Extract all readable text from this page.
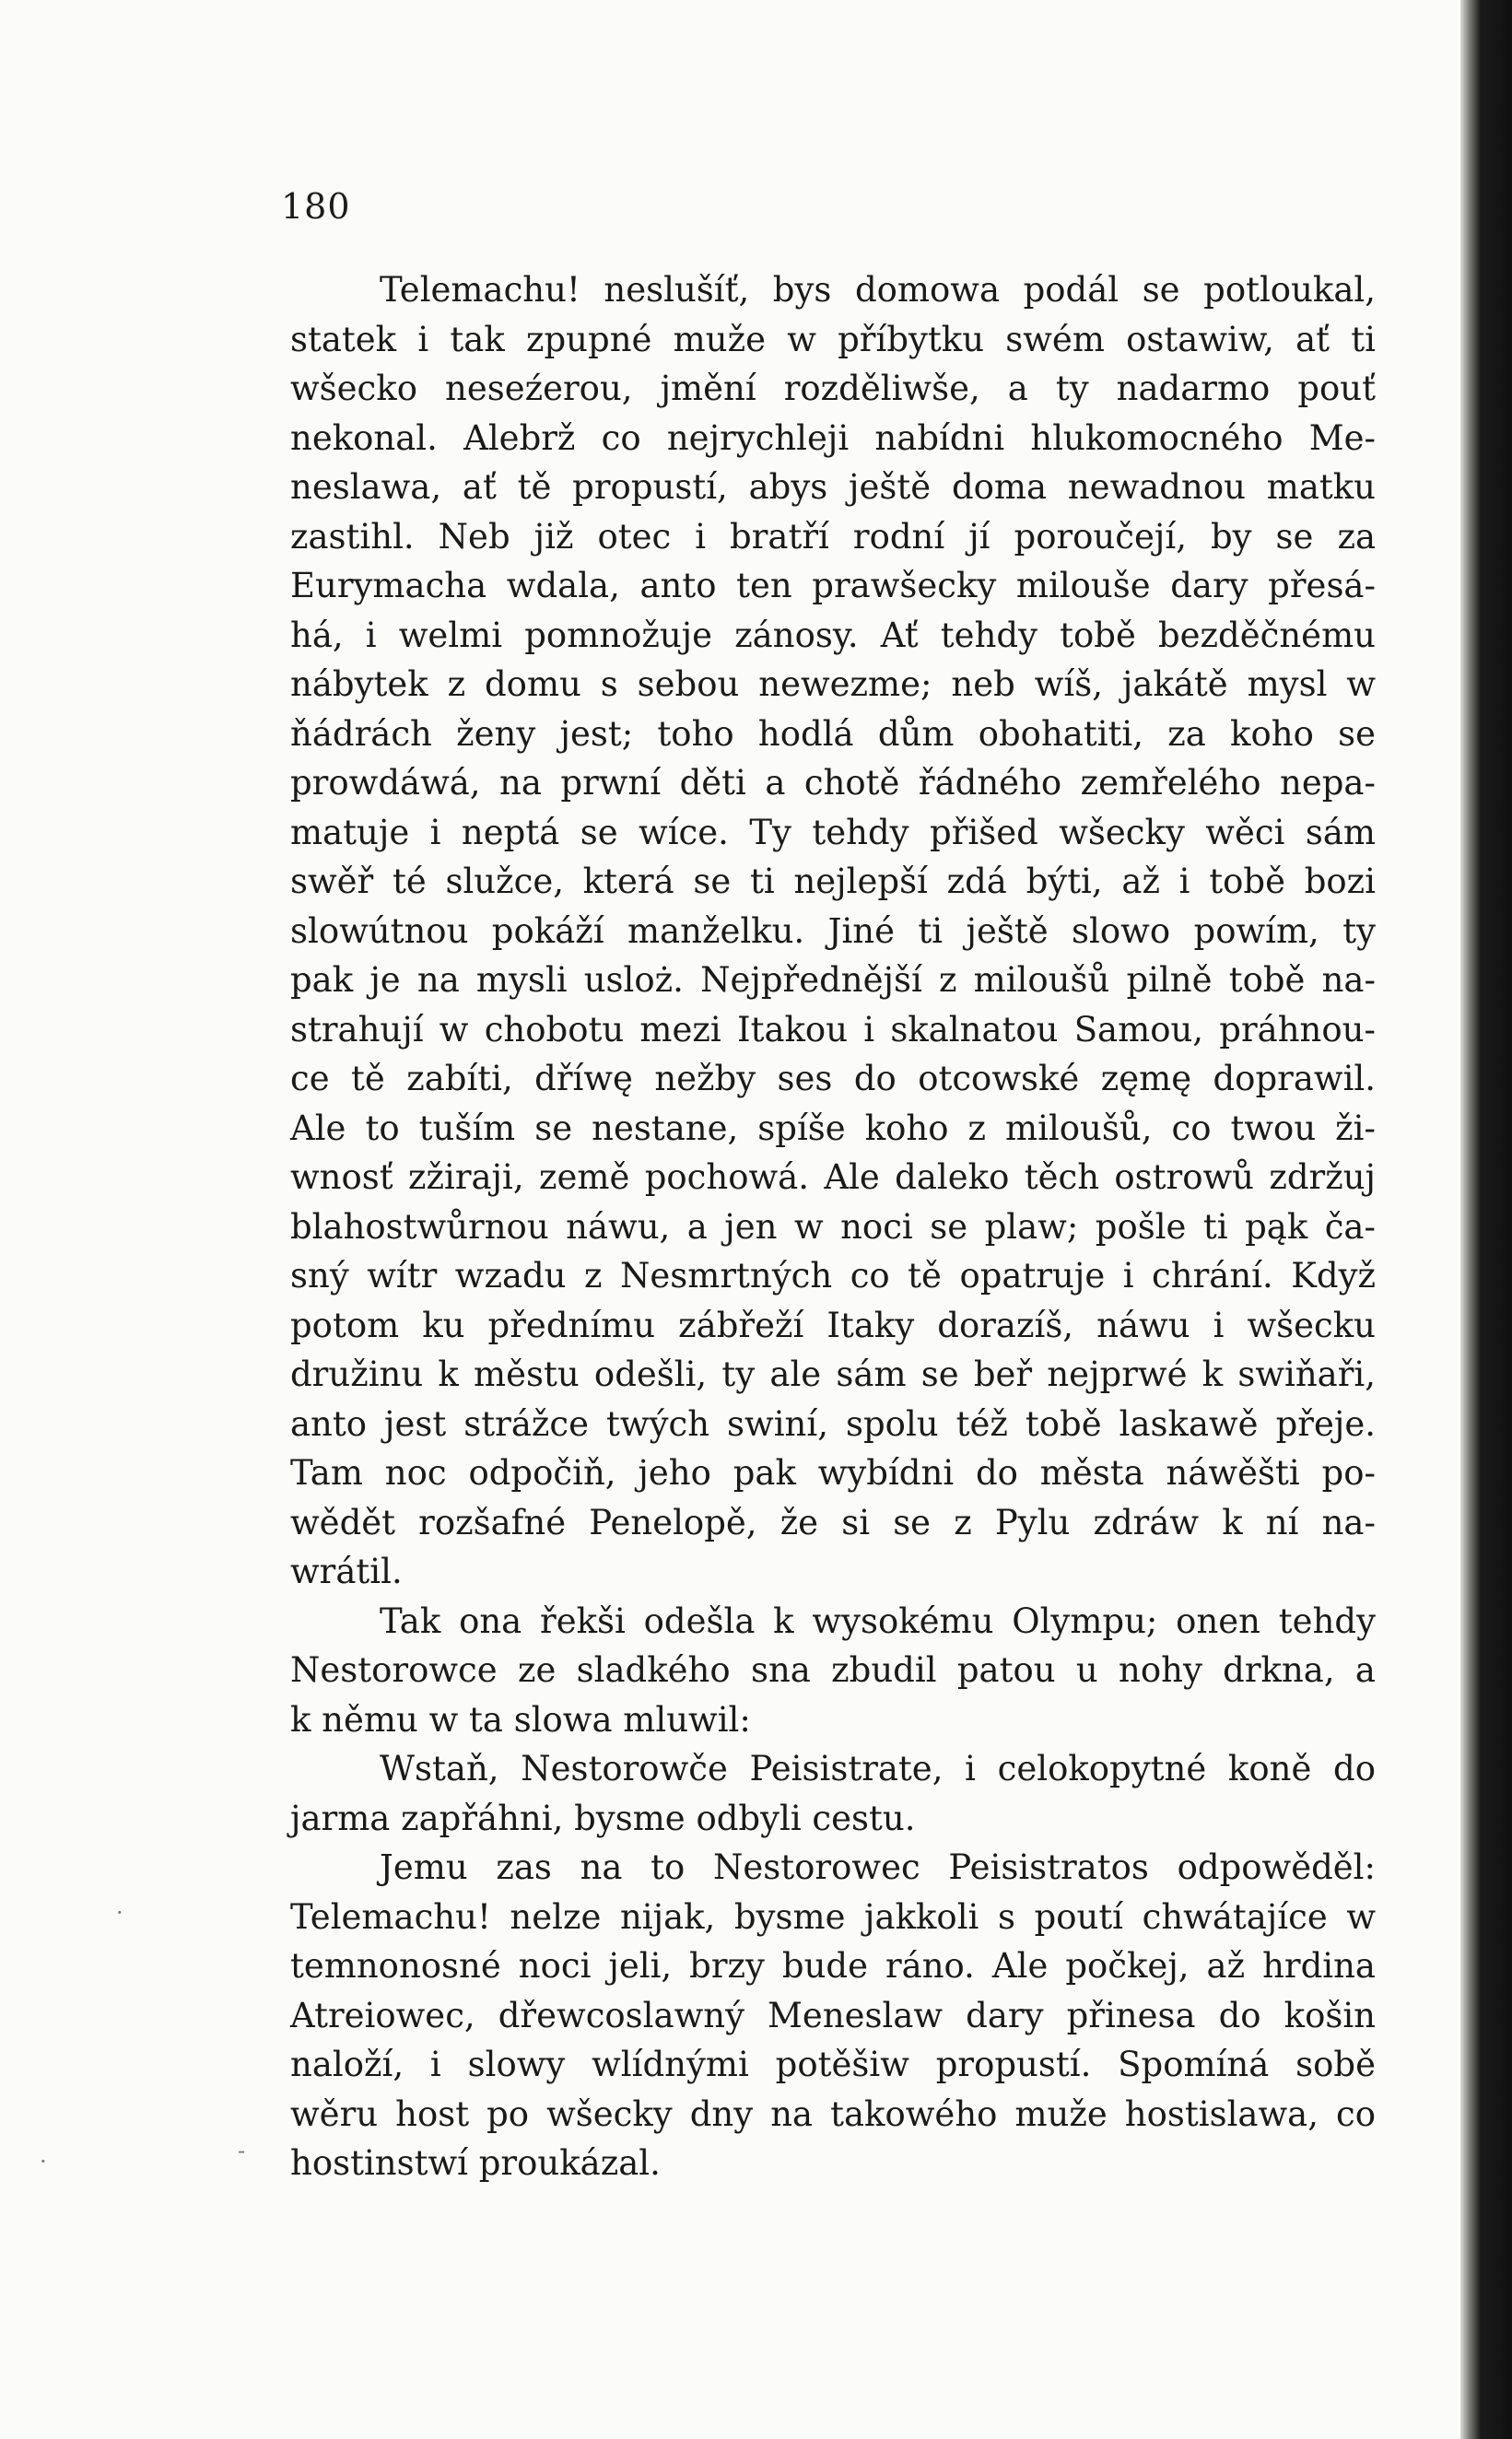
180
Telemachu! neslušíť, bys domowa podál se potloukal,
statek i tak zpupné muže w příbytku swém ostawiw, ať ti
wšecko neseźerou, jmění rozděliwše, a ty nadarmo pouť
nekonal. Alebrž co nejrychleji nabídni hlukomocného Me-
neslawa, ať tě propustí, abys ještě doma newadnou matku
zastihl. Neb již otec i bratří rodní jí poroučejí, by se za
Eurymacha wdala, anto ten prawšecky milouše dary přesá-
há, i welmi pomnožuje zánosy. Ať tehdy tobě bezděčnému
nábytek z domu s sebou newezme; neb wíš, jakátě mysl w
ňádrách ženy jest; toho hodlá dům obohatiti, za koho se
prowdáwá, na prwní děti a chotě řádného zemřelého nepa-
matuje i neptá se wíce. Ty tehdy přišed wšecky wěci sám
swěř té služce, která se ti nejlepší zdá býti, až i tobě bozi
slowútnou pokáží manželku. Jiné ti ještě slowo powím, ty
pak je na mysli usloż. Nejpřednější z miloušů pilně tobě na-
strahují w chobotu mezi Itakou i skalnatou Samou, práhnou-
ce tě zabíti, dříwę nežby ses do otcowské zęmę doprawil.
Ale to tuším se nestane, spíše koho z miloušů, co twou ži-
wnosť zžiraji, země pochowá. Ale daleko těch ostrowů zdržuj
blahostwůrnou náwu, a jen w noci se plaw; pošle ti pąk ča-
sný wítr wzadu z Nesmrtných co tě opatruje i chrání. Když
potom ku přednímu zábřeží Itaky dorazíš, náwu i wšecku
družinu k městu odešli, ty ale sám se beř nejprwé k swiňaři,
anto jest strážce twých swiní, spolu též tobě laskawě přeje.
Tam noc odpočiň, jeho pak wybídni do města náwěšti po-
wědět rozšafné Penelopě, že si se z Pylu zdráw k ní na-
wrátil.
Tak ona řekši odešla k wysokému Olympu; onen tehdy
Nestorowce ze sladkého sna zbudil patou u nohy drkna, a
k němu w ta slowa mluwil:
Wstaň, Nestorowče Peisistrate, i celokopytné koně do
jarma zapřáhni, bysme odbyli cestu.
Jemu zas na to Nestorowec Peisistratos odpowěděl:
Telemachu! nelze nijak, bysme jakkoli s poutí chwátajíce w
temnonosné noci jeli, brzy bude ráno. Ale počkej, až hrdina
Atreiowec, dřewcoslawný Meneslaw dary přinesa do košin
naloží, i slowy wlídnými potěšiw propustí. Spomíná sobě
wěru host po wšecky dny na takowého muže hostislawa, co
hostinstwí proukázal.
·
-
·
